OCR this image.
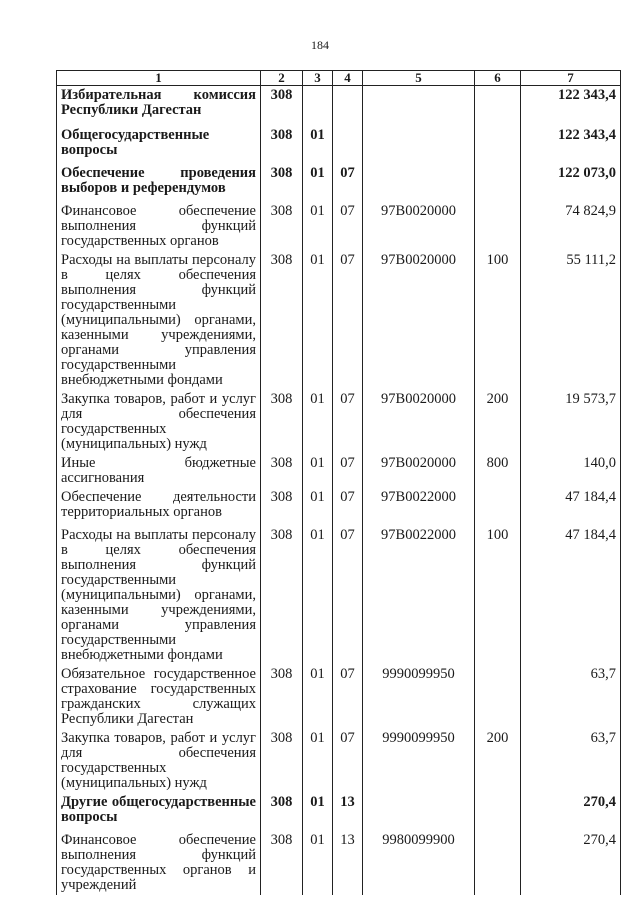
184
1	2	3	4	5	6	7
Избирательная комиссия Республики Дагестан	308					122 343,4
Общегосударственные вопросы	308	01				122 343,4
Обеспечение проведения выборов и референдумов	308	01	07			122 073,0
Финансовое обеспечение выполнения функций государственных органов	308	01	07	97В0020000		74 824,9
Расходы на выплаты персоналу в целях обеспечения выполнения функций государственными (муниципальными) органами, казенными учреждениями, органами управления государственными внебюджетными фондами	308	01	07	97В0020000	100	55 111,2
Закупка товаров, работ и услуг для обеспечения государственных (муниципальных) нужд	308	01	07	97В0020000	200	19 573,7
Иные бюджетные ассигнования	308	01	07	97В0020000	800	140,0
Обеспечение деятельности территориальных органов	308	01	07	97В0022000		47 184,4
Расходы на выплаты персоналу в целях обеспечения выполнения функций государственными (муниципальными) органами, казенными учреждениями, органами управления государственными внебюджетными фондами	308	01	07	97В0022000	100	47 184,4
Обязательное государственное страхование государственных гражданских служащих Республики Дагестан	308	01	07	9990099950		63,7
Закупка товаров, работ и услуг для обеспечения государственных (муниципальных) нужд	308	01	07	9990099950	200	63,7
Другие общегосударственные вопросы	308	01	13			270,4
Финансовое обеспечение выполнения функций государственных органов и учреждений	308	01	13	9980099900		270,4
